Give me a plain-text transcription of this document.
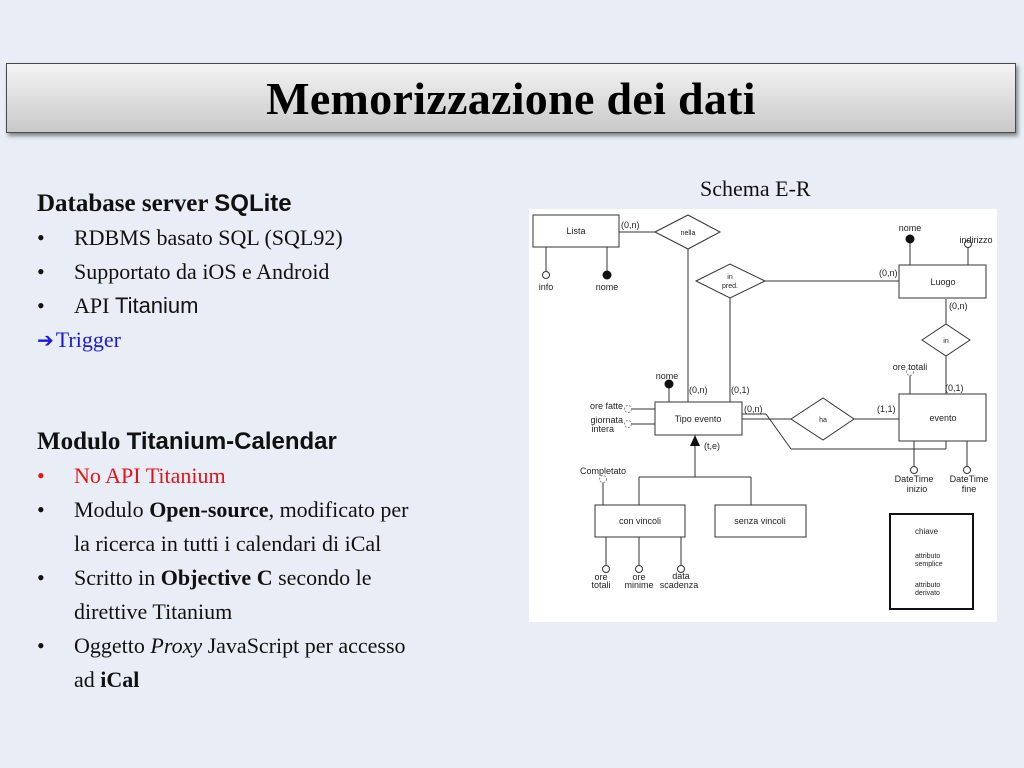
Memorizzazione dei dati
Database server SQLite
• RDBMS basato SQL (SQL92)
• Supportato da iOS e Android
• API Titanium
➔ Trigger
Modulo Titanium-Calendar
• No API Titanium
• Modulo Open-source, modificato per
la ricerca in tutti i calendari di iCal
• Scritto in Objective C secondo le
direttive Titanium
• Oggetto Proxy JavaScript per accesso
ad iCal
Schema E-R
Lista
Luogo
Tipo evento	evento
con vincoli	senza vincoli
nella
in
pred.
in
ha
info	nome
nome
indirizzo
ore totali
nome
ore fatte
giornata
intera
Completato
DateTime
inizio
DateTime
fine
ore
totali
ore
minime
data
scadenza
(0,n)
(0,n)
(0,n)
(0,1)
(0,n)	(0,1)
(0,n)	(1,1)
(t,e)
chiave
attributo
semplice
attributo
derivato
